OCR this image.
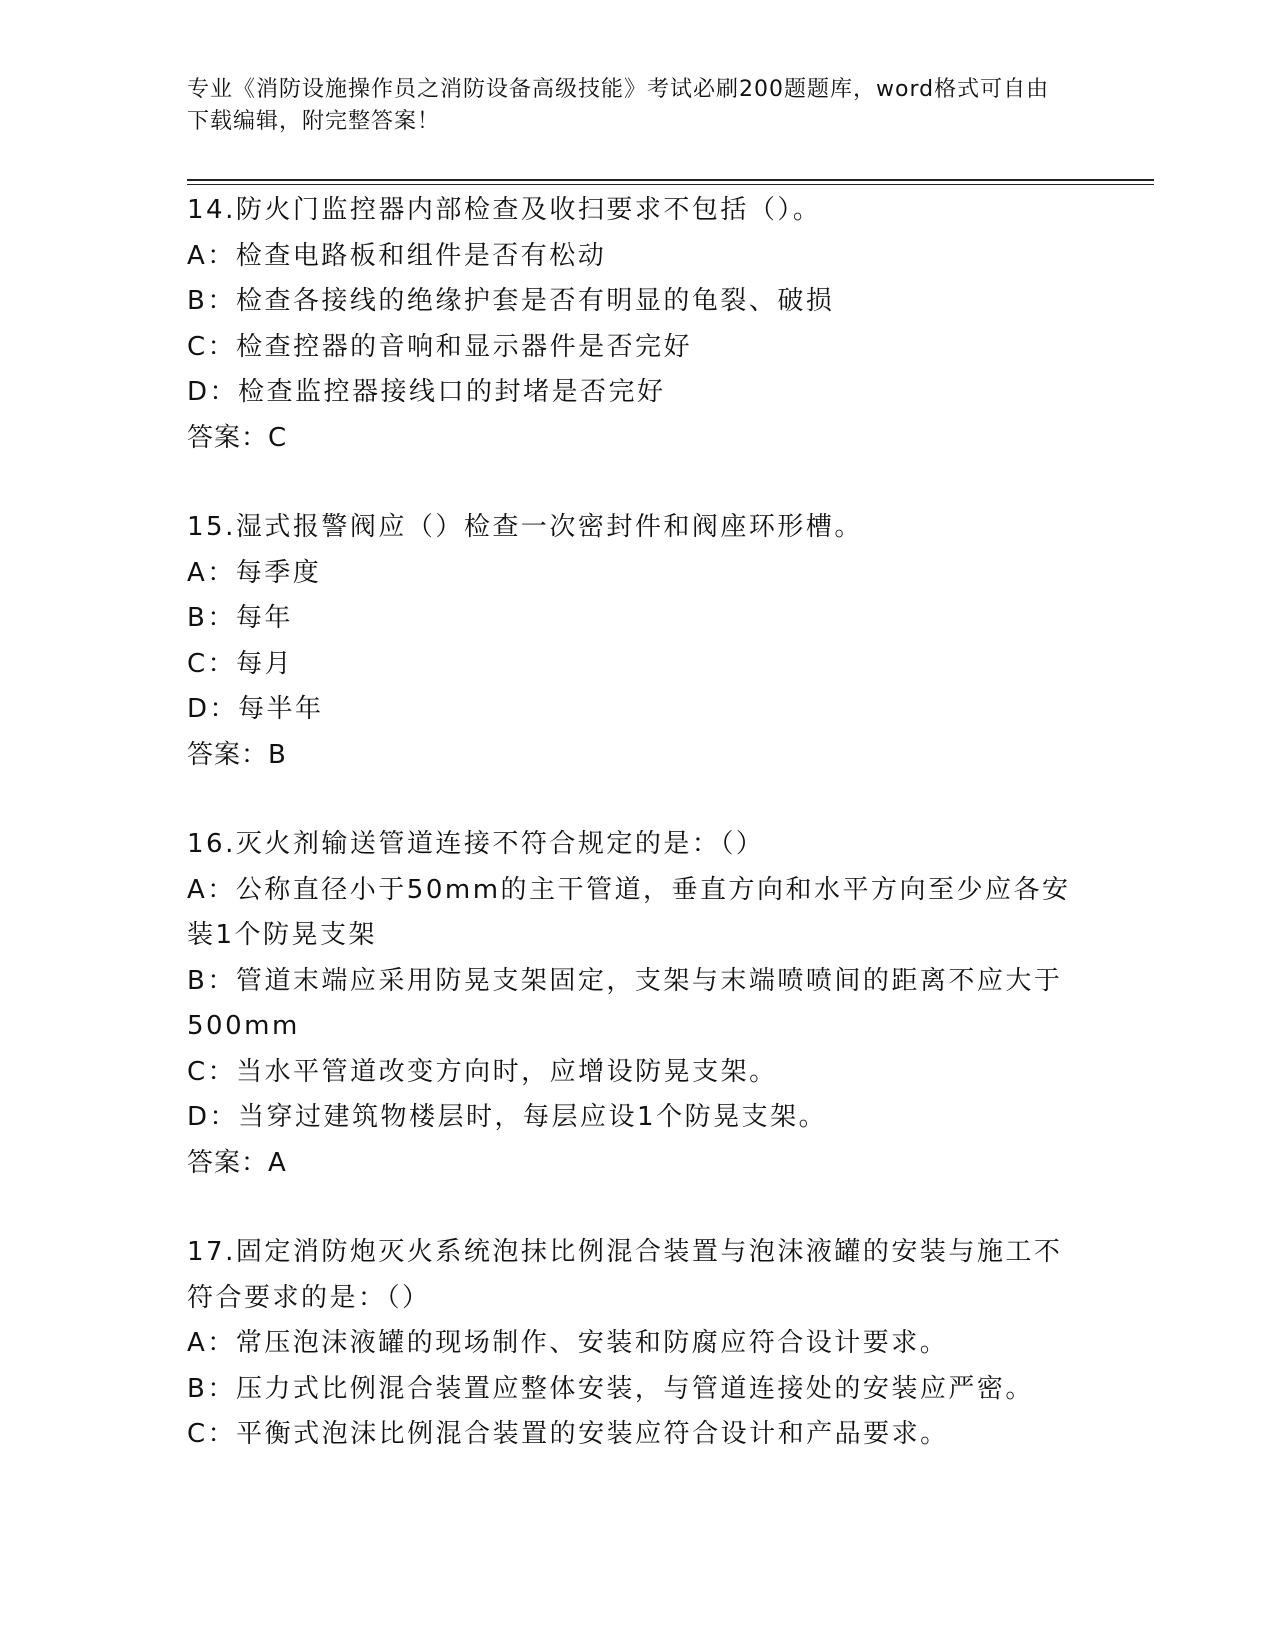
专业《消防设施操作员之消防设备高级技能》考试必刷200题题库，word格式可自由下载编辑，附完整答案！
14.防火门监控器内部检查及收扫要求不包括（）。
A：检查电路板和组件是否有松动
B：检查各接线的绝缘护套是否有明显的龟裂、破损
C：检查控器的音响和显示器件是否完好
D：检查监控器接线口的封堵是否完好
答案：C
15.湿式报警阀应（）检查一次密封件和阀座环形槽。
A：每季度
B：每年
C：每月
D：每半年
答案：B
16.灭火剂输送管道连接不符合规定的是：（）
A：公称直径小于50mm的主干管道，垂直方向和水平方向至少应各安装1个防晃支架
B：管道末端应采用防晃支架固定，支架与末端喷喷间的距离不应大于500mm
C：当水平管道改变方向时，应增设防晃支架。
D：当穿过建筑物楼层时，每层应设1个防晃支架。
答案：A
17.固定消防炮灭火系统泡抹比例混合装置与泡沫液罐的安装与施工不符合要求的是：（）
A：常压泡沫液罐的现场制作、安装和防腐应符合设计要求。
B：压力式比例混合装置应整体安装，与管道连接处的安装应严密。
C：平衡式泡沫比例混合装置的安装应符合设计和产品要求。
